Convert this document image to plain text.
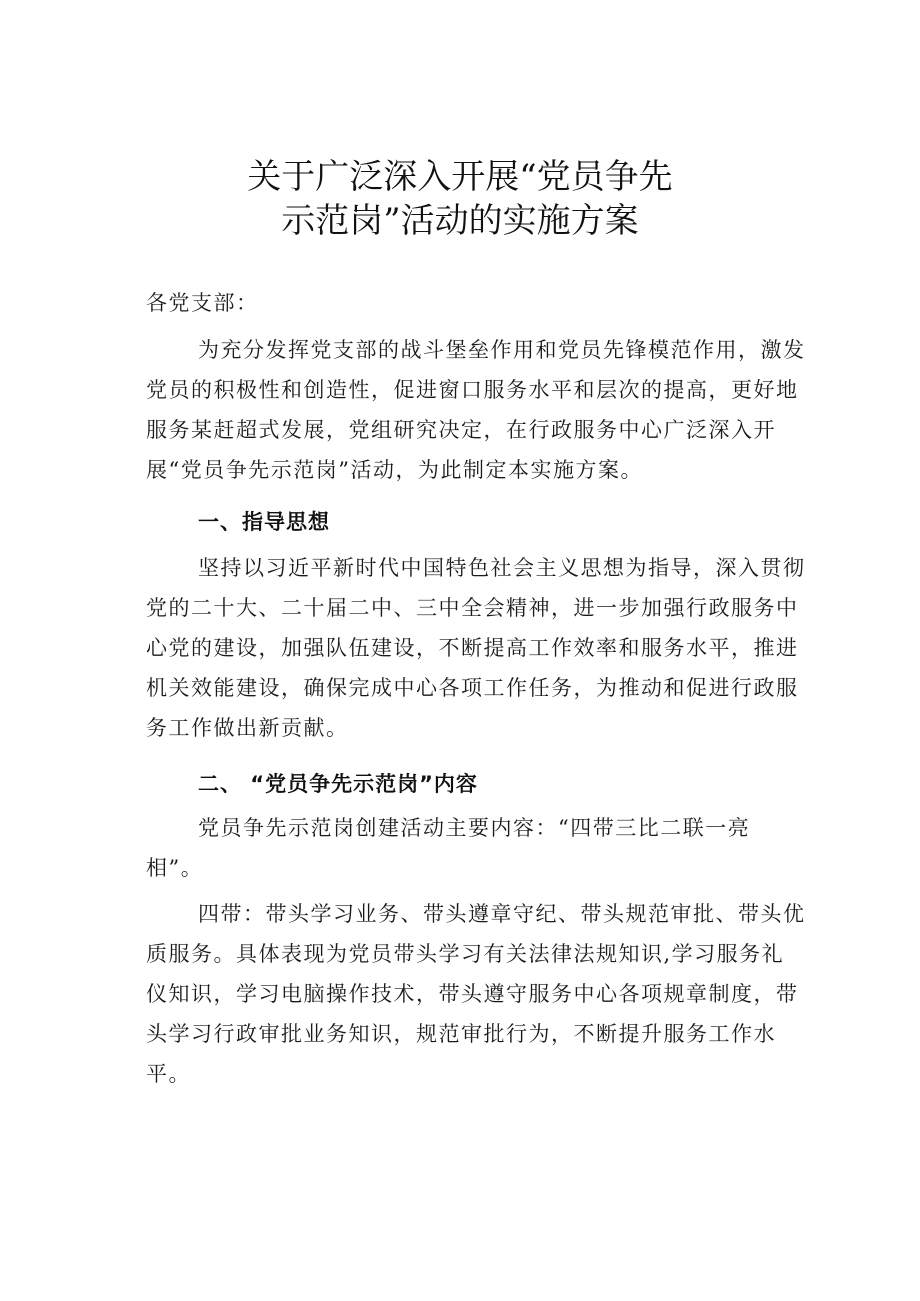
关于广泛深入开展“党员争先
示范岗”活动的实施方案

各党支部：

为充分发挥党支部的战斗堡垒作用和党员先锋模范作用，激发党员的积极性和创造性，促进窗口服务水平和层次的提高，更好地服务某赶超式发展，党组研究决定，在行政服务中心广泛深入开展“党员争先示范岗”活动，为此制定本实施方案。

一、指导思想

坚持以习近平新时代中国特色社会主义思想为指导，深入贯彻党的二十大、二十届二中、三中全会精神，进一步加强行政服务中心党的建设，加强队伍建设，不断提高工作效率和服务水平，推进机关效能建设，确保完成中心各项工作任务，为推动和促进行政服务工作做出新贡献。

二、 “党员争先示范岗”内容

党员争先示范岗创建活动主要内容：“四带三比二联一亮相”。

四带：带头学习业务、带头遵章守纪、带头规范审批、带头优质服务。具体表现为党员带头学习有关法律法规知识,学习服务礼仪知识，学习电脑操作技术，带头遵守服务中心各项规章制度，带头学习行政审批业务知识，规范审批行为，不断提升服务工作水平。
